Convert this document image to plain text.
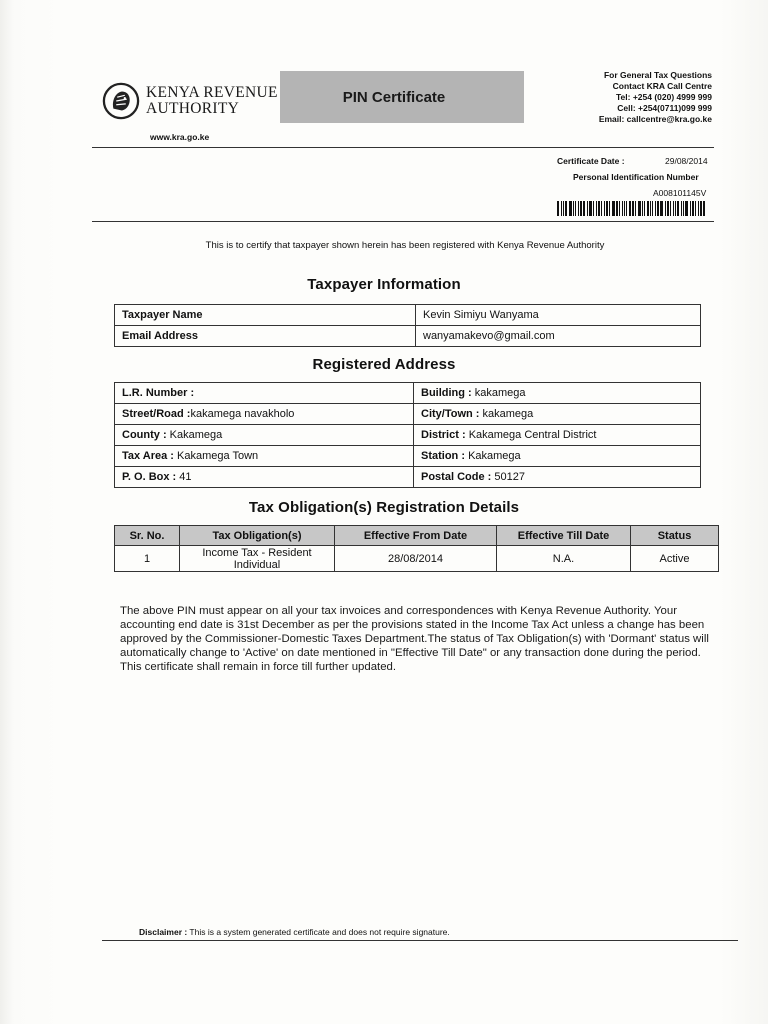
KENYA REVENUE
AUTHORITY
www.kra.go.ke
PIN Certificate
For General Tax Questions
Contact KRA Call Centre
Tel: +254 (020) 4999 999
Cell: +254(0711)099 999
Email: callcentre@kra.go.ke
Certificate Date :	29/08/2014
Personal Identification Number
A008101145V
This is to certify that taxpayer shown herein has been registered with Kenya Revenue Authority
Taxpayer Information
Taxpayer Name	Kevin Simiyu Wanyama
Email Address	wanyamakevo@gmail.com
Registered Address
L.R. Number :	Building : kakamega
Street/Road :kakamega navakholo	City/Town : kakamega
County : Kakamega	District : Kakamega Central District
Tax Area : Kakamega Town	Station : Kakamega
P. O. Box : 41	Postal Code : 50127
Tax Obligation(s) Registration Details
Sr. No.	Tax Obligation(s)	Effective From Date	Effective Till Date	Status
1	Income Tax - Resident Individual	28/08/2014	N.A.	Active
The above PIN must appear on all your tax invoices and correspondences with Kenya Revenue Authority. Your accounting end date is 31st December as per the provisions stated in the Income Tax Act unless a change has been approved by the Commissioner-Domestic Taxes Department.The status of Tax Obligation(s) with 'Dormant' status will automatically change to 'Active' on date mentioned in "Effective Till Date" or any transaction done during the period. This certificate shall remain in force till further updated.
Disclaimer : This is a system generated certificate and does not require signature.
